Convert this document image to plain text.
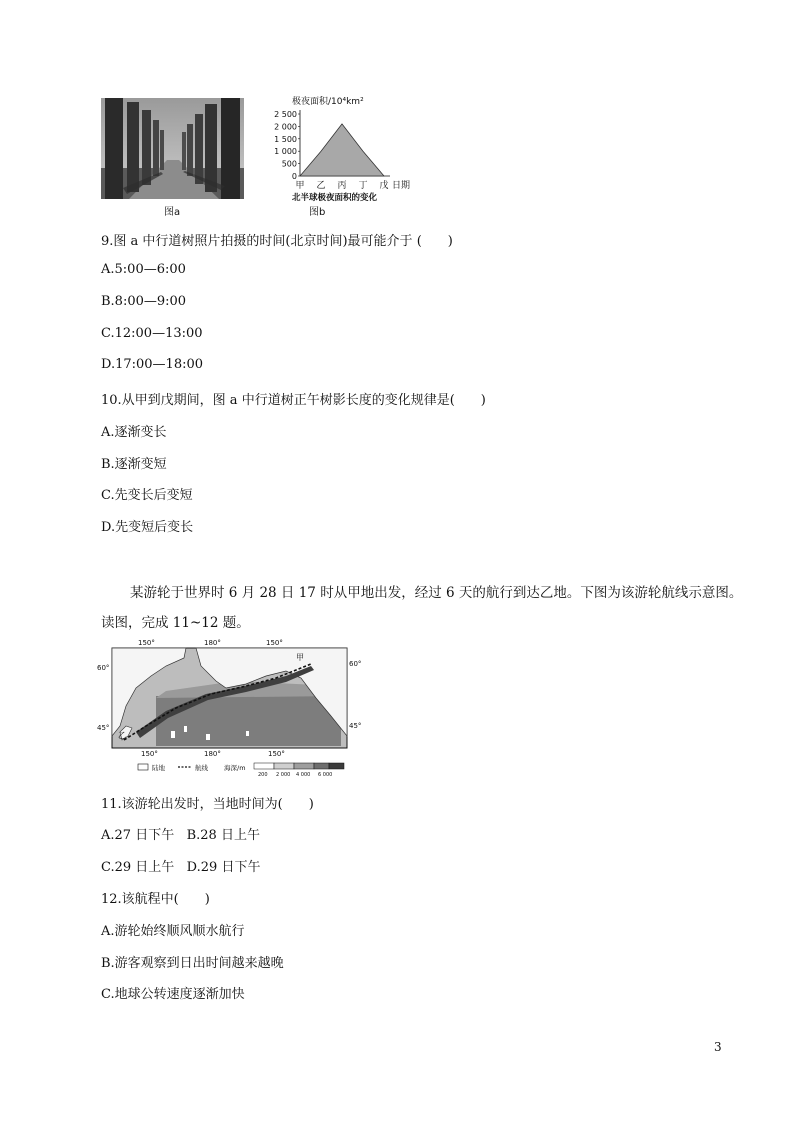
图a
极夜面积/10⁴km²
2 500
2 000
1 500
1 000
500
0
甲 乙 丙 丁 戊 日期
北半球极夜面积的变化
图b
9.图 a 中行道树照片拍摄的时间(北京时间)最可能介于 (　　)
A.5:00—6:00
B.8:00—9:00
C.12:00—13:00
D.17:00—18:00
10.从甲到戊期间，图 a 中行道树正午树影长度的变化规律是(　　)
A.逐渐变长
B.逐渐变短
C.先变长后变短
D.先变短后变长
某游轮于世界时 6 月 28 日 17 时从甲地出发，经过 6 天的航行到达乙地。下图为该游轮航线示意图。
读图，完成 11~12 题。
150°	180°	150°
甲
乙
60°
45°
60°
45°
150°	180°	150°
陆地	航线 海深/m
200 2 000 4 000 6 000
11.该游轮出发时，当地时间为(　　)
A.27 日下午   B.28 日上午
C.29 日上午   D.29 日下午
12.该航程中(　　)
A.游轮始终顺风顺水航行
B.游客观察到日出时间越来越晚
C.地球公转速度逐渐加快
3
